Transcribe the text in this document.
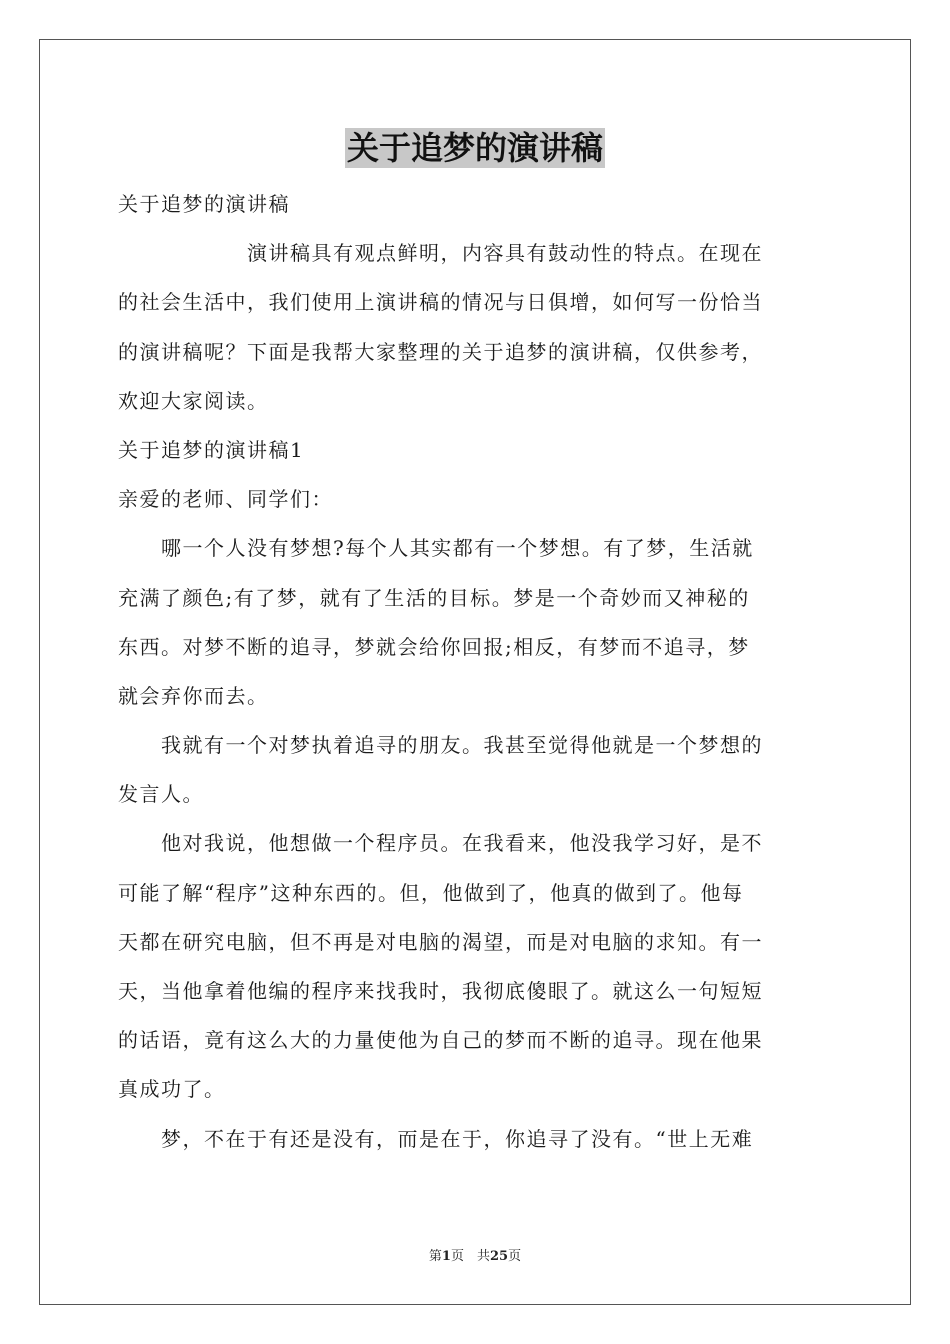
关于追梦的演讲稿
关于追梦的演讲稿
　　　　　　演讲稿具有观点鲜明，内容具有鼓动性的特点。在现在
的社会生活中，我们使用上演讲稿的情况与日俱增，如何写一份恰当
的演讲稿呢？下面是我帮大家整理的关于追梦的演讲稿，仅供参考，
欢迎大家阅读。
关于追梦的演讲稿1
亲爱的老师、同学们：
　　哪一个人没有梦想?每个人其实都有一个梦想。有了梦，生活就
充满了颜色;有了梦，就有了生活的目标。梦是一个奇妙而又神秘的
东西。对梦不断的追寻，梦就会给你回报;相反，有梦而不追寻，梦
就会弃你而去。
　　我就有一个对梦执着追寻的朋友。我甚至觉得他就是一个梦想的
发言人。
　　他对我说，他想做一个程序员。在我看来，他没我学习好，是不
可能了解“程序”这种东西的。但，他做到了，他真的做到了。他每
天都在研究电脑，但不再是对电脑的渴望，而是对电脑的求知。有一
天，当他拿着他编的程序来找我时，我彻底傻眼了。就这么一句短短
的话语，竟有这么大的力量使他为自己的梦而不断的追寻。现在他果
真成功了。
　　梦，不在于有还是没有，而是在于，你追寻了没有。“世上无难
第1页　共25页
